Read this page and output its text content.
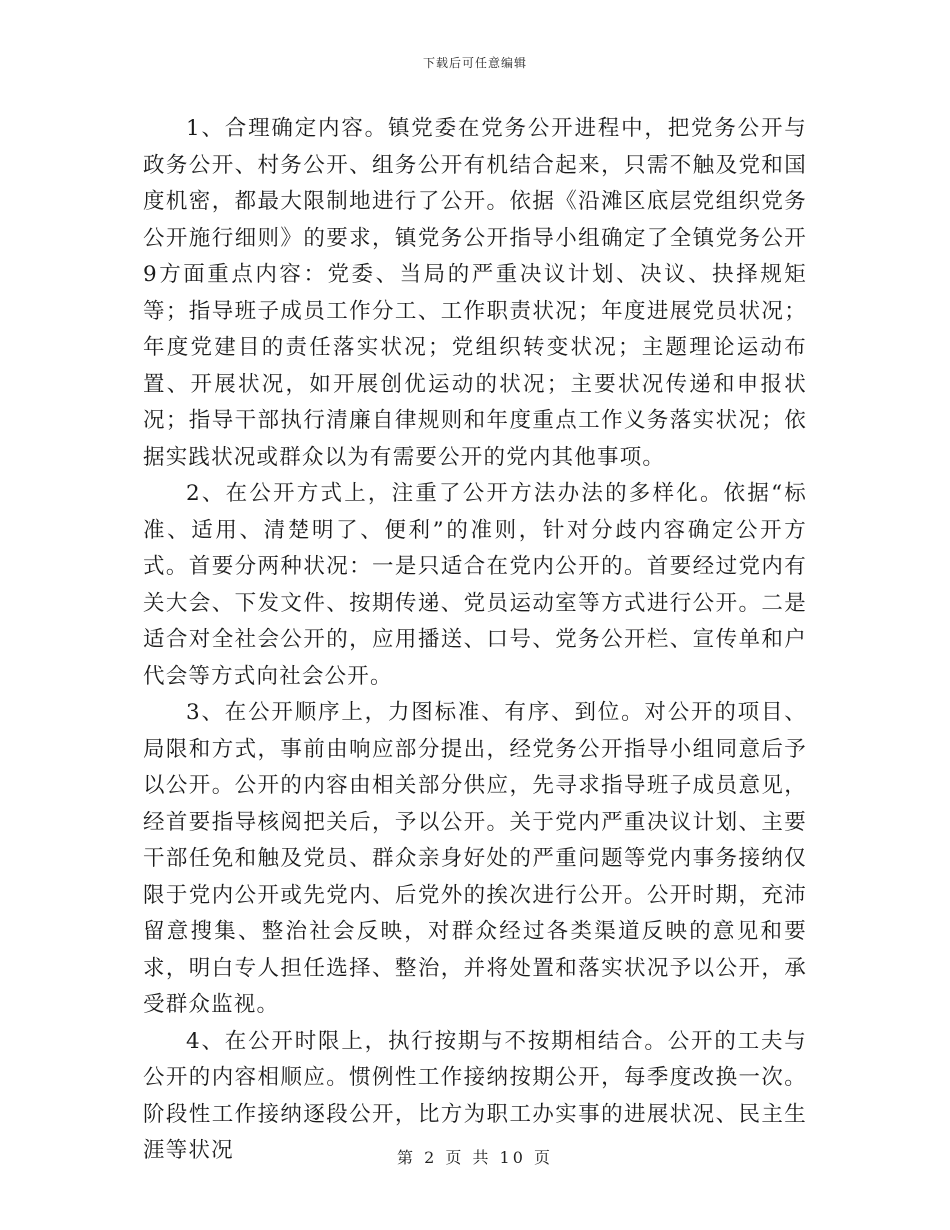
下载后可任意编辑

1、合理确定内容。镇党委在党务公开进程中，把党务公开与政务公开、村务公开、组务公开有机结合起来，只需不触及党和国度机密，都最大限制地进行了公开。依据《沿滩区底层党组织党务公开施行细则》的要求，镇党务公开指导小组确定了全镇党务公开9方面重点内容：党委、当局的严重决议计划、决议、抉择规矩等；指导班子成员工作分工、工作职责状况；年度进展党员状况；年度党建目的责任落实状况；党组织转变状况；主题理论运动布置、开展状况，如开展创优运动的状况；主要状况传递和申报状况；指导干部执行清廉自律规则和年度重点工作义务落实状况；依据实践状况或群众以为有需要公开的党内其他事项。

2、在公开方式上，注重了公开方法办法的多样化。依据“标准、适用、清楚明了、便利”的准则，针对分歧内容确定公开方式。首要分两种状况：一是只适合在党内公开的。首要经过党内有关大会、下发文件、按期传递、党员运动室等方式进行公开。二是适合对全社会公开的，应用播送、口号、党务公开栏、宣传单和户代会等方式向社会公开。

3、在公开顺序上，力图标准、有序、到位。对公开的项目、局限和方式，事前由响应部分提出，经党务公开指导小组同意后予以公开。公开的内容由相关部分供应，先寻求指导班子成员意见，经首要指导核阅把关后，予以公开。关于党内严重决议计划、主要干部任免和触及党员、群众亲身好处的严重问题等党内事务接纳仅限于党内公开或先党内、后党外的挨次进行公开。公开时期，充沛留意搜集、整治社会反映，对群众经过各类渠道反映的意见和要求，明白专人担任选择、整治，并将处置和落实状况予以公开，承受群众监视。

4、在公开时限上，执行按期与不按期相结合。公开的工夫与公开的内容相顺应。惯例性工作接纳按期公开，每季度改换一次。阶段性工作接纳逐段公开，比方为职工办实事的进展状况、民主生涯等状况	第 2 页 共 10 页
